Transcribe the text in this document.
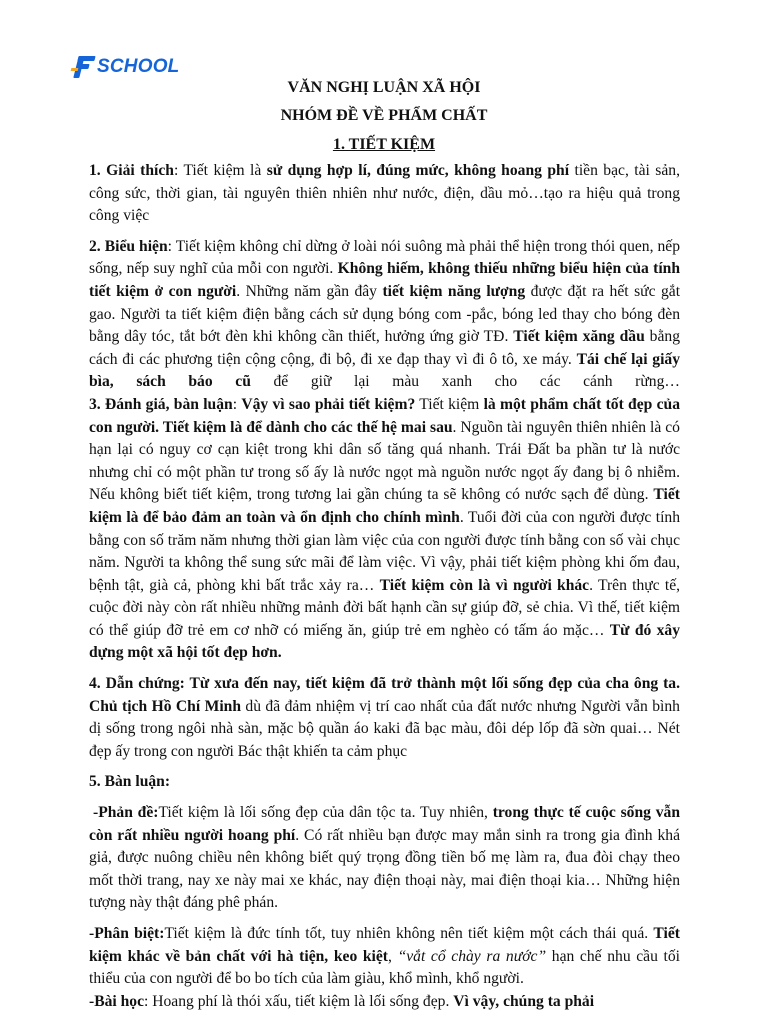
SCHOOL
VĂN NGHỊ LUẬN XÃ HỘI
NHÓM ĐỀ VỀ PHẨM CHẤT
1. TIẾT KIỆM

1. Giải thích: Tiết kiệm là sử dụng hợp lí, đúng mức, không hoang phí tiền bạc, tài sản, công sức, thời gian, tài nguyên thiên nhiên như nước, điện, dầu mỏ…tạo ra hiệu quả trong công việc

2. Biểu hiện: Tiết kiệm không chỉ dừng ở loài nói suông mà phải thể hiện trong thói quen, nếp sống, nếp suy nghĩ của mỗi con người. Không hiếm, không thiếu những biểu hiện của tính tiết kiệm ở con người. Những năm gần đây tiết kiệm năng lượng được đặt ra hết sức gắt gao. Người ta tiết kiệm điện bằng cách sử dụng bóng com -pắc, bóng led thay cho bóng đèn bằng dây tóc, tắt bớt đèn khi không cần thiết, hưởng ứng giờ TĐ. Tiết kiệm xăng dầu bằng cách đi các phương tiện cộng cộng, đi bộ, đi xe đạp thay vì đi ô tô, xe máy. Tái chế lại giấy bìa, sách báo cũ để giữ lại màu xanh cho các cánh rừng…

3. Đánh giá, bàn luận: Vậy vì sao phải tiết kiệm? Tiết kiệm là một phẩm chất tốt đẹp của con người. Tiết kiệm là để dành cho các thế hệ mai sau. Nguồn tài nguyên thiên nhiên là có hạn lại có nguy cơ cạn kiệt trong khi dân số tăng quá nhanh. Trái Đất ba phần tư là nước nhưng chỉ có một phần tư trong số ấy là nước ngọt mà nguồn nước ngọt ấy đang bị ô nhiễm. Nếu không biết tiết kiệm, trong tương lai gần chúng ta sẽ không có nước sạch để dùng. Tiết kiệm là để bảo đảm an toàn và ổn định cho chính mình. Tuổi đời của con người được tính bằng con số trăm năm nhưng thời gian làm việc của con người được tính bằng con số vài chục năm. Người ta không thể sung sức mãi để làm việc. Vì vậy, phải tiết kiệm phòng khi ốm đau, bệnh tật, già cả, phòng khi bất trắc xảy ra… Tiết kiệm còn là vì người khác. Trên thực tế, cuộc đời này còn rất nhiều những mảnh đời bất hạnh cần sự giúp đỡ, sẻ chia. Vì thế, tiết kiệm có thể giúp đỡ trẻ em cơ nhỡ có miếng ăn, giúp trẻ em nghèo có tấm áo mặc… Từ đó xây dựng một xã hội tốt đẹp hơn.

4. Dẫn chứng: Từ xưa đến nay, tiết kiệm đã trở thành một lối sống đẹp của cha ông ta. Chủ tịch Hồ Chí Minh dù đã đảm nhiệm vị trí cao nhất của đất nước nhưng Người vẫn bình dị sống trong ngôi nhà sàn, mặc bộ quần áo kaki đã bạc màu, đôi dép lốp đã sờn quai… Nét đẹp ấy trong con người Bác thật khiến ta cảm phục

5. Bàn luận:

-Phản đề:Tiết kiệm là lối sống đẹp của dân tộc ta. Tuy nhiên, trong thực tế cuộc sống vẫn còn rất nhiều người hoang phí. Có rất nhiều bạn được may mắn sinh ra trong gia đình khá giả, được nuông chiều nên không biết quý trọng đồng tiền bố mẹ làm ra, đua đòi chạy theo mốt thời trang, nay xe này mai xe khác, nay điện thoại này, mai điện thoại kia… Những hiện tượng này thật đáng phê phán.

-Phân biệt:Tiết kiệm là đức tính tốt, tuy nhiên không nên tiết kiệm một cách thái quá. Tiết kiệm khác về bản chất với hà tiện, keo kiệt, “vắt cổ chày ra nước” hạn chế nhu cầu tối thiểu của con người để bo bo tích của làm giàu, khổ mình, khổ người.

-Bài học: Hoang phí là thói xấu, tiết kiệm là lối sống đẹp. Vì vậy, chúng ta phải
